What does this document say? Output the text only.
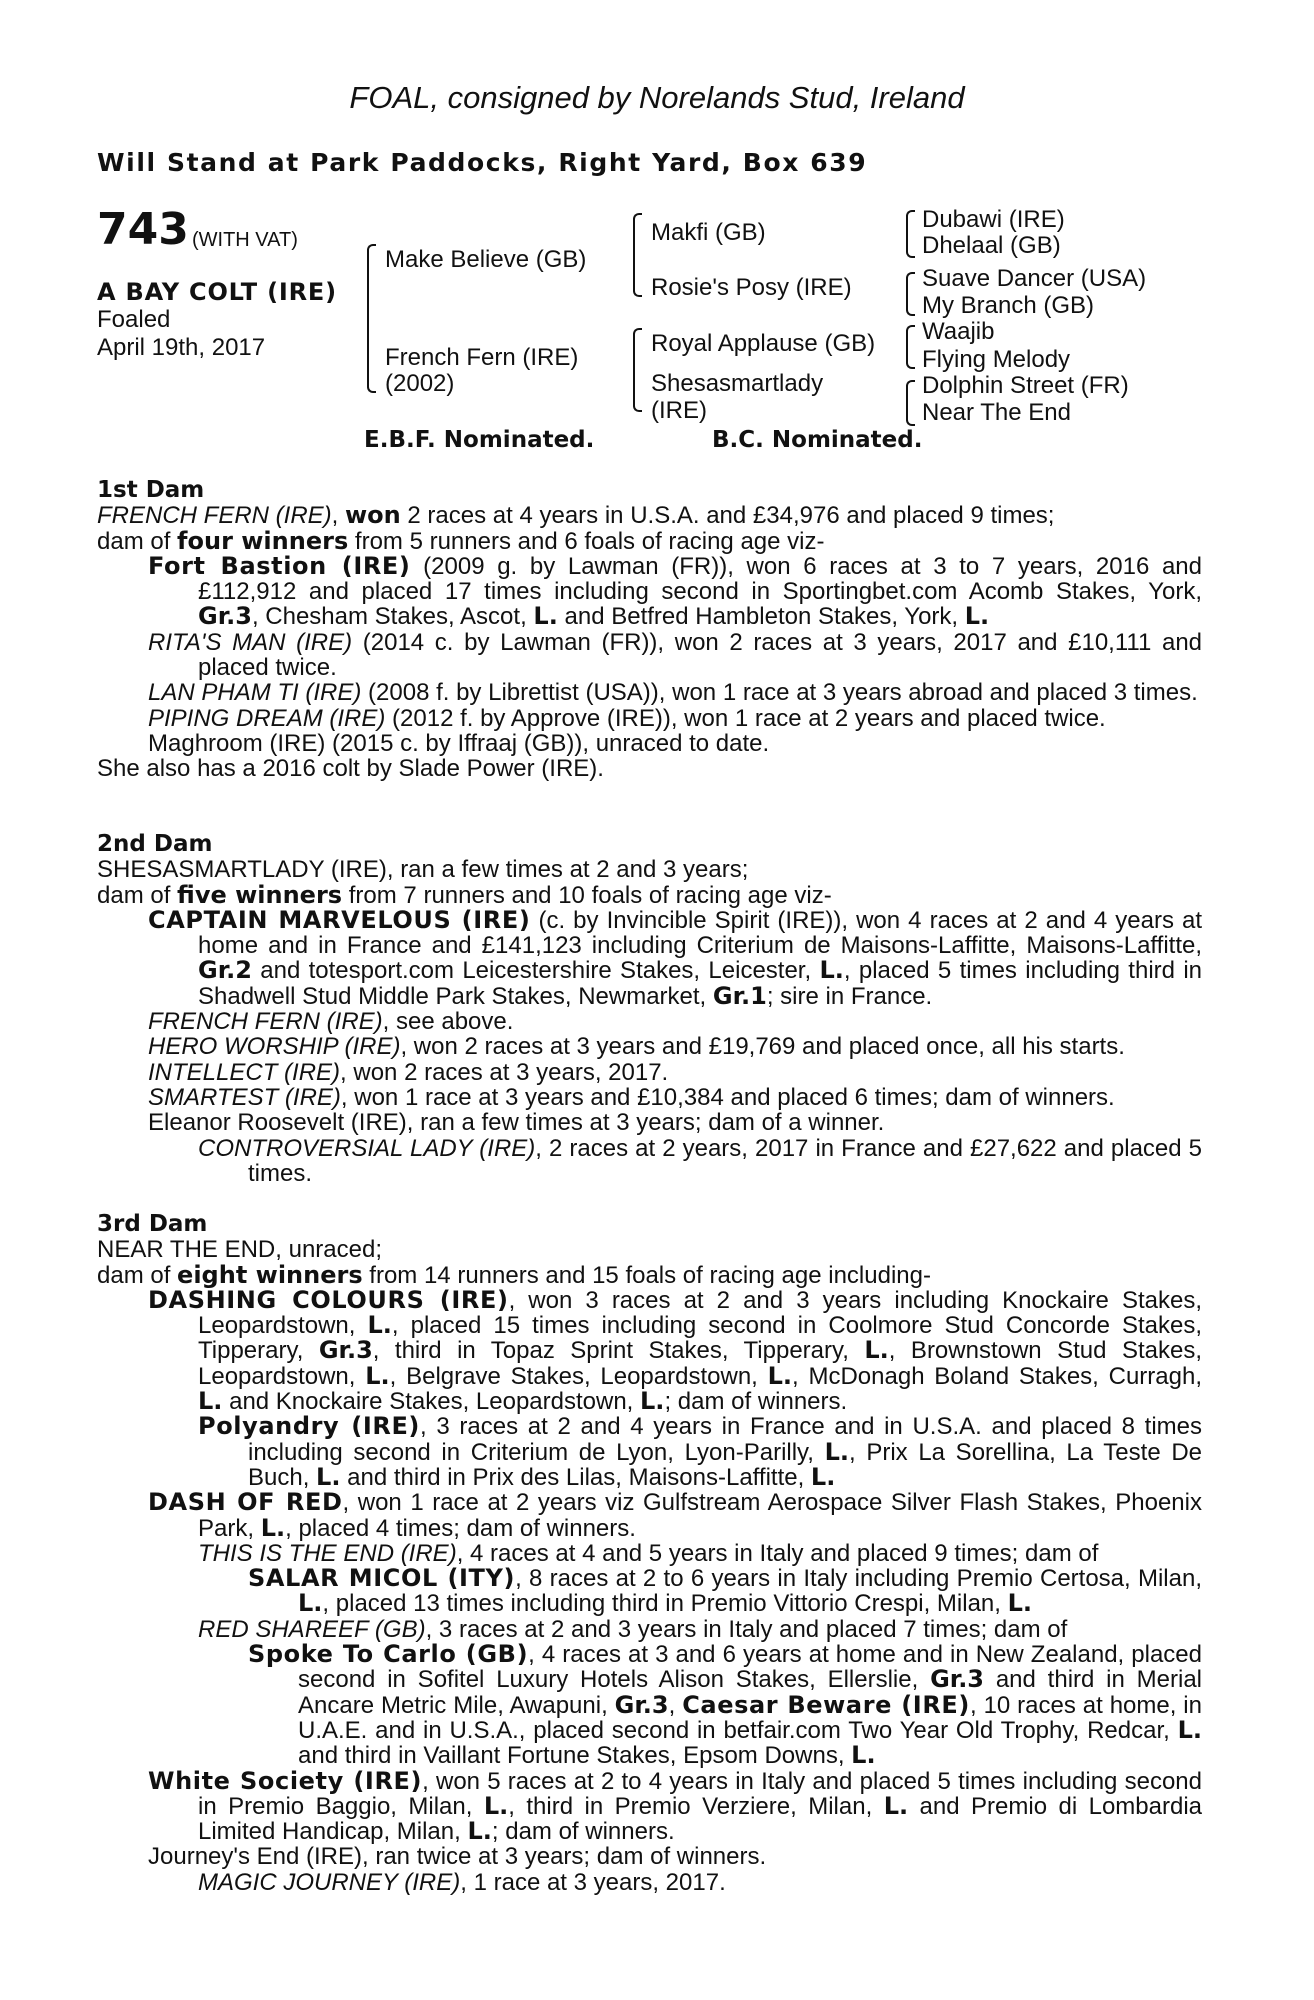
FOAL, consigned by Norelands Stud, Ireland
Will Stand at Park Paddocks, Right Yard, Box 639
743 (WITH VAT)
A BAY COLT (IRE)
Foaled
April 19th, 2017
Make Believe (GB)
French Fern (IRE)
(2002)
Makfi (GB)
Rosie's Posy (IRE)
Royal Applause (GB)
Shesasmartlady
(IRE)
Dubawi (IRE)
Dhelaal (GB)
Suave Dancer (USA)
My Branch (GB)
Waajib
Flying Melody
Dolphin Street (FR)
Near The End
E.B.F. Nominated.	B.C. Nominated.
1st Dam

FRENCH FERN (IRE), won 2 races at 4 years in U.S.A. and £34,976 and placed 9 times;

dam of four winners from 5 runners and 6 foals of racing age viz-

Fort Bastion (IRE) (2009 g. by Lawman (FR)), won 6 races at 3 to 7 years, 2016 and £112,912 and placed 17 times including second in Sportingbet.com Acomb Stakes, York, Gr.3, Chesham Stakes, Ascot, L. and Betfred Hambleton Stakes, York, L.

RITA'S MAN (IRE) (2014 c. by Lawman (FR)), won 2 races at 3 years, 2017 and £10,111 and placed twice.

LAN PHAM TI (IRE) (2008 f. by Librettist (USA)), won 1 race at 3 years abroad and placed 3 times.

PIPING DREAM (IRE) (2012 f. by Approve (IRE)), won 1 race at 2 years and placed twice.

Maghroom (IRE) (2015 c. by Iffraaj (GB)), unraced to date.

She also has a 2016 colt by Slade Power (IRE).

2nd Dam

SHESASMARTLADY (IRE), ran a few times at 2 and 3 years;

dam of five winners from 7 runners and 10 foals of racing age viz-

CAPTAIN MARVELOUS (IRE) (c. by Invincible Spirit (IRE)), won 4 races at 2 and 4 years at home and in France and £141,123 including Criterium de Maisons-Laffitte, Maisons-Laffitte, Gr.2 and totesport.com Leicestershire Stakes, Leicester, L., placed 5 times including third in Shadwell Stud Middle Park Stakes, Newmarket, Gr.1; sire in France.

FRENCH FERN (IRE), see above.

HERO WORSHIP (IRE), won 2 races at 3 years and £19,769 and placed once, all his starts.

INTELLECT (IRE), won 2 races at 3 years, 2017.

SMARTEST (IRE), won 1 race at 3 years and £10,384 and placed 6 times; dam of winners.

Eleanor Roosevelt (IRE), ran a few times at 3 years; dam of a winner.

CONTROVERSIAL LADY (IRE), 2 races at 2 years, 2017 in France and £27,622 and placed 5 times.

3rd Dam

NEAR THE END, unraced;

dam of eight winners from 14 runners and 15 foals of racing age including-

DASHING COLOURS (IRE), won 3 races at 2 and 3 years including Knockaire Stakes, Leopardstown, L., placed 15 times including second in Coolmore Stud Concorde Stakes, Tipperary, Gr.3, third in Topaz Sprint Stakes, Tipperary, L., Brownstown Stud Stakes, Leopardstown, L., Belgrave Stakes, Leopardstown, L., McDonagh Boland Stakes, Curragh, L. and Knockaire Stakes, Leopardstown, L.; dam of winners.

Polyandry (IRE), 3 races at 2 and 4 years in France and in U.S.A. and placed 8 times including second in Criterium de Lyon, Lyon-Parilly, L., Prix La Sorellina, La Teste De Buch, L. and third in Prix des Lilas, Maisons-Laffitte, L.

DASH OF RED, won 1 race at 2 years viz Gulfstream Aerospace Silver Flash Stakes, Phoenix Park, L., placed 4 times; dam of winners.

THIS IS THE END (IRE), 4 races at 4 and 5 years in Italy and placed 9 times; dam of

SALAR MICOL (ITY), 8 races at 2 to 6 years in Italy including Premio Certosa, Milan, L., placed 13 times including third in Premio Vittorio Crespi, Milan, L.

RED SHAREEF (GB), 3 races at 2 and 3 years in Italy and placed 7 times; dam of

Spoke To Carlo (GB), 4 races at 3 and 6 years at home and in New Zealand, placed second in Sofitel Luxury Hotels Alison Stakes, Ellerslie, Gr.3 and third in Merial Ancare Metric Mile, Awapuni, Gr.3, Caesar Beware (IRE), 10 races at home, in U.A.E. and in U.S.A., placed second in betfair.com Two Year Old Trophy, Redcar, L. and third in Vaillant Fortune Stakes, Epsom Downs, L.

White Society (IRE), won 5 races at 2 to 4 years in Italy and placed 5 times including second in Premio Baggio, Milan, L., third in Premio Verziere, Milan, L. and Premio di Lombardia Limited Handicap, Milan, L.; dam of winners.

Journey's End (IRE), ran twice at 3 years; dam of winners.

MAGIC JOURNEY (IRE), 1 race at 3 years, 2017.
